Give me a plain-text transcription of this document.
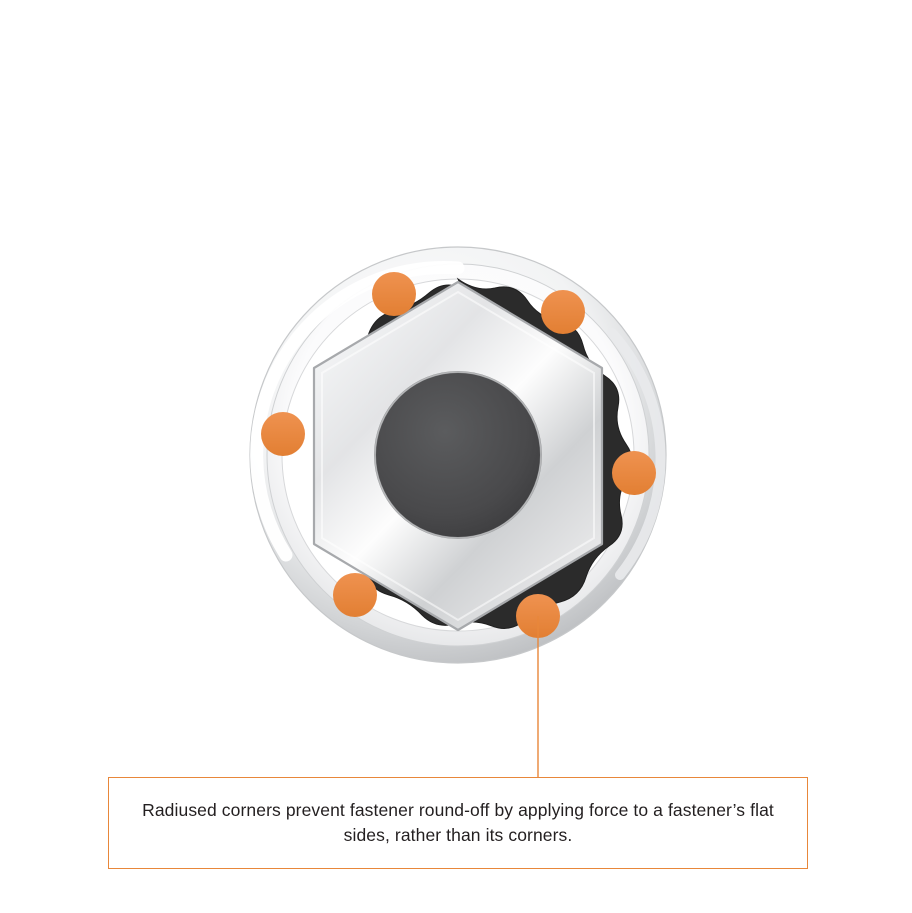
Radiused corners prevent fastener round-off by applying force to a fastener’s flat sides, rather than its corners.
